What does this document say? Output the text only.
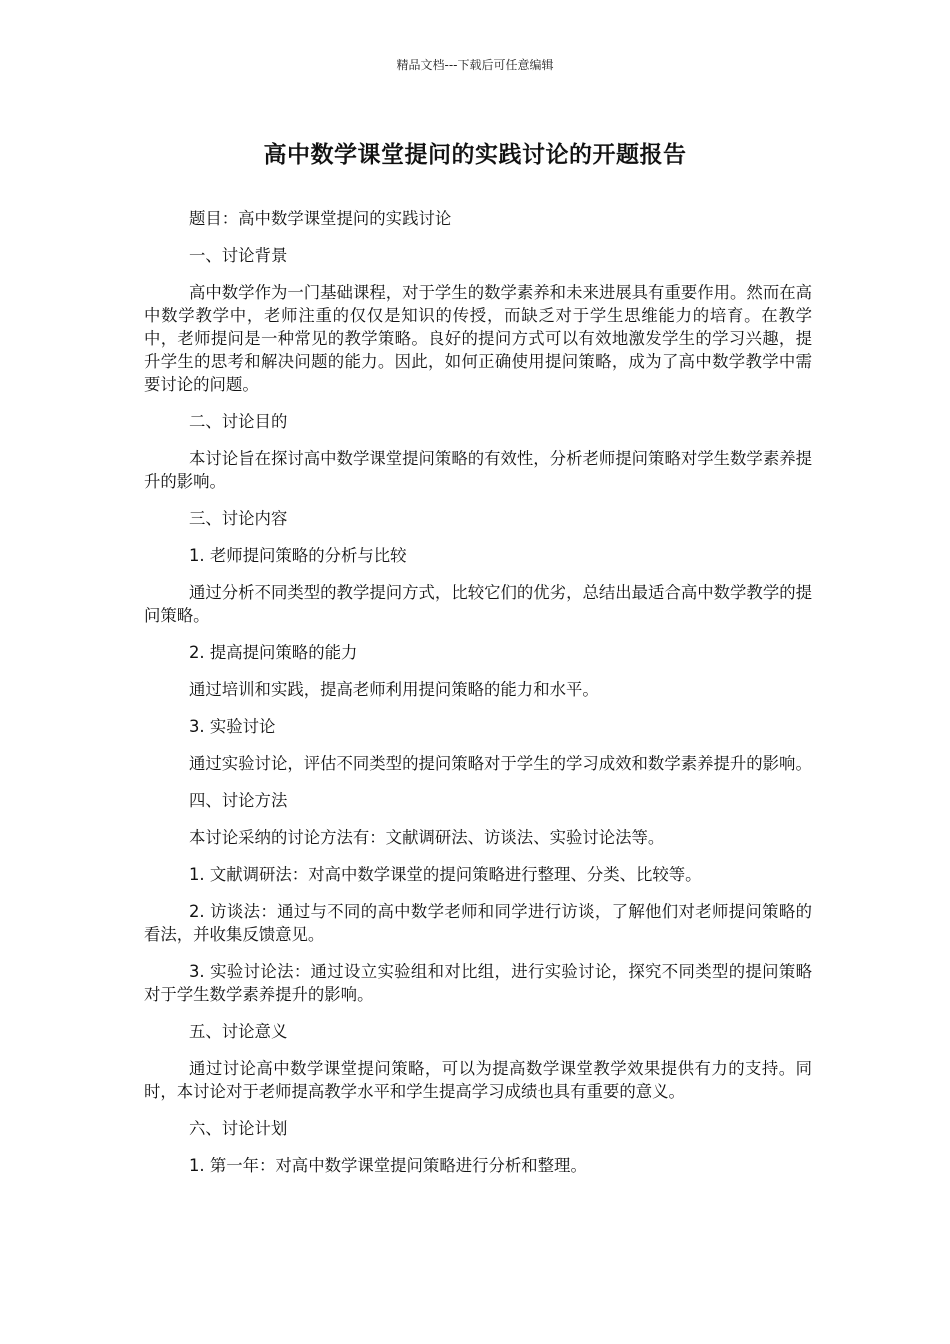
精品文档---下载后可任意编辑
高中数学课堂提问的实践讨论的开题报告

题目：高中数学课堂提问的实践讨论

一、讨论背景

高中数学作为一门基础课程，对于学生的数学素养和未来进展具有重要作用。然而在高中数学教学中，老师注重的仅仅是知识的传授，而缺乏对于学生思维能力的培育。在教学中，老师提问是一种常见的教学策略。良好的提问方式可以有效地激发学生的学习兴趣，提升学生的思考和解决问题的能力。因此，如何正确使用提问策略，成为了高中数学教学中需要讨论的问题。

二、讨论目的

本讨论旨在探讨高中数学课堂提问策略的有效性，分析老师提问策略对学生数学素养提升的影响。

三、讨论内容

1. 老师提问策略的分析与比较

通过分析不同类型的教学提问方式，比较它们的优劣，总结出最适合高中数学教学的提问策略。

2. 提高提问策略的能力

通过培训和实践，提高老师利用提问策略的能力和水平。

3. 实验讨论

通过实验讨论，评估不同类型的提问策略对于学生的学习成效和数学素养提升的影响。

四、讨论方法

本讨论采纳的讨论方法有：文献调研法、访谈法、实验讨论法等。

1. 文献调研法：对高中数学课堂的提问策略进行整理、分类、比较等。

2. 访谈法：通过与不同的高中数学老师和同学进行访谈，了解他们对老师提问策略的看法，并收集反馈意见。

3. 实验讨论法：通过设立实验组和对比组，进行实验讨论，探究不同类型的提问策略对于学生数学素养提升的影响。

五、讨论意义

通过讨论高中数学课堂提问策略，可以为提高数学课堂教学效果提供有力的支持。同时，本讨论对于老师提高教学水平和学生提高学习成绩也具有重要的意义。

六、讨论计划

1. 第一年：对高中数学课堂提问策略进行分析和整理。
